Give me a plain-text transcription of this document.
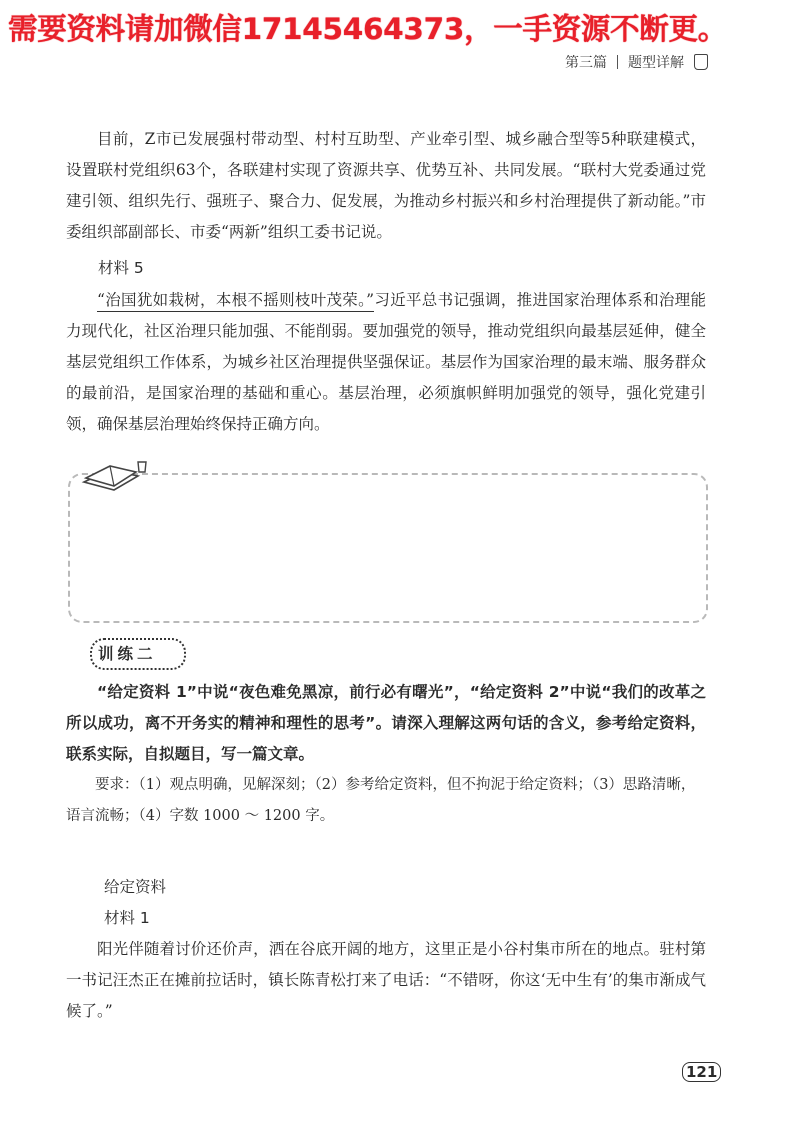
需要资料请加微信17145464373，一手资源不断更。
第三篇 题型详解

目前，Z市已发展强村带动型、村村互助型、产业牵引型、城乡融合型等5种联建模式，设置联村党组织63个，各联建村实现了资源共享、优势互补、共同发展。“联村大党委通过党建引领、组织先行、强班子、聚合力、促发展，为推动乡村振兴和乡村治理提供了新动能。”市委组织部副部长、市委“两新”组织工委书记说。

材料 5

“治国犹如栽树，本根不摇则枝叶茂荣。”习近平总书记强调，推进国家治理体系和治理能力现代化，社区治理只能加强、不能削弱。要加强党的领导，推动党组织向最基层延伸，健全基层党组织工作体系，为城乡社区治理提供坚强保证。基层作为国家治理的最末端、服务群众的最前沿，是国家治理的基础和重心。基层治理，必须旗帜鲜明加强党的领导，强化党建引领，确保基层治理始终保持正确方向。

训练二

“给定资料 1”中说“夜色难免黑凉，前行必有曙光”，“给定资料 2”中说“我们的改革之所以成功，离不开务实的精神和理性的思考”。请深入理解这两句话的含义，参考给定资料，联系实际，自拟题目，写一篇文章。

要求：（1）观点明确，见解深刻；（2）参考给定资料，但不拘泥于给定资料；（3）思路清晰，语言流畅；（4）字数 1000 ～ 1200 字。

给定资料

材料 1

阳光伴随着讨价还价声，洒在谷底开阔的地方，这里正是小谷村集市所在的地点。驻村第一书记汪杰正在摊前拉话时，镇长陈青松打来了电话：“不错呀，你这‘无中生有’的集市渐成气候了。”

121
